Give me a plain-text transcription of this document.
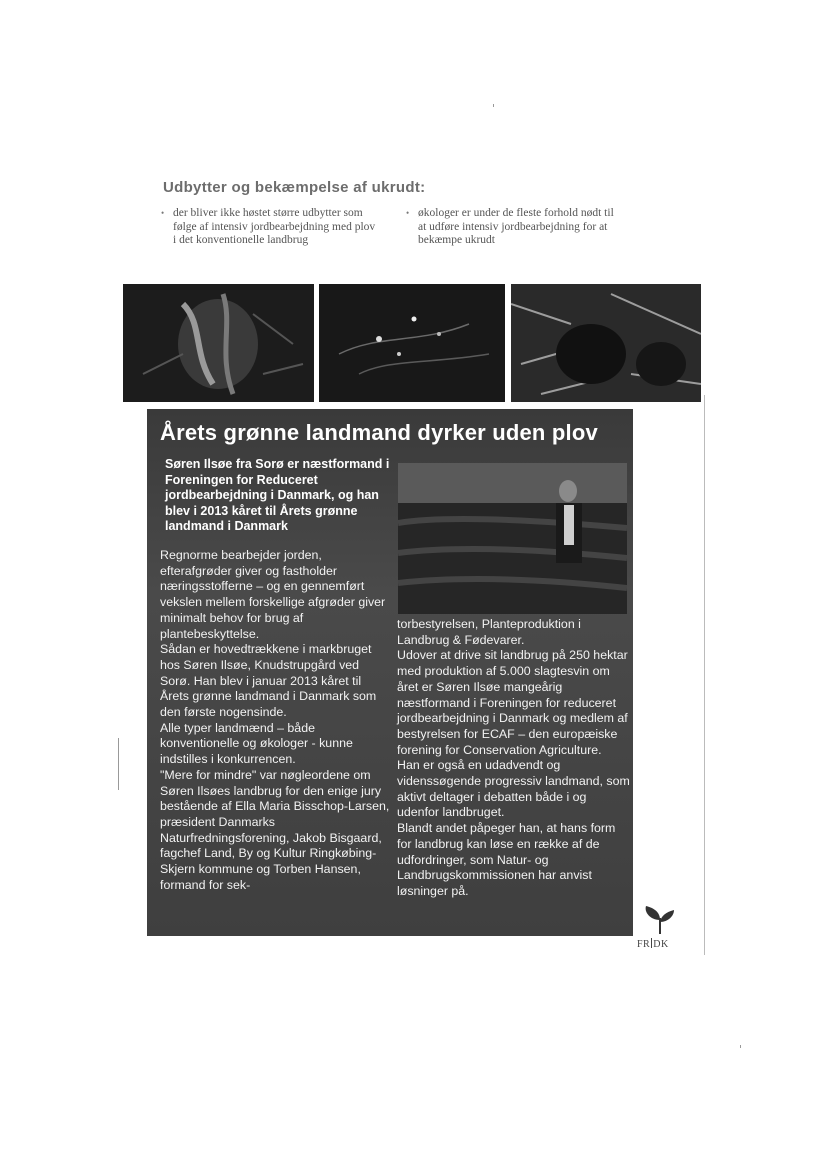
Udbytter og bekæmpelse af ukrudt:
• der bliver ikke høstet større udbytter som følge af intensiv jordbearbejdning med plov i det konventionelle landbrug
• økologer er under de fleste forhold nødt til at udføre intensiv jordbearbejdning for at bekæmpe ukrudt
Årets grønne landmand dyrker uden plov
Søren Ilsøe fra Sorø er næstformand i Foreningen for Reduceret jordbearbejdning i Danmark, og han blev i 2013 kåret til Årets grønne landmand i Danmark

Regnorme bearbejder jorden, efterafgrøder giver og fastholder næringsstofferne – og en gennemført vekslen mellem forskellige afgrøder giver minimalt behov for brug af plantebeskyttelse.

Sådan er hovedtrækkene i markbruget hos Søren Ilsøe, Knudstrupgård ved Sorø. Han blev i januar 2013 kåret til Årets grønne landmand i Danmark som den første nogensinde.

Alle typer landmænd – både konventionelle og økologer - kunne indstilles i konkurrencen.

"Mere for mindre" var nøgleordene om Søren Ilsøes landbrug for den enige jury bestående af Ella Maria Bisschop-Larsen, præsident Danmarks Naturfredningsforening, Jakob Bisgaard, fagchef Land, By og Kultur Ringkøbing-Skjern kommune og Torben Hansen, formand for sek-

torbestyrelsen, Planteproduktion i Landbrug & Fødevarer.

Udover at drive sit landbrug på 250 hektar med produktion af 5.000 slagtesvin om året er Søren Ilsøe mangeårig næstformand i Foreningen for reduceret jordbearbejdning i Danmark og medlem af bestyrelsen for ECAF – den europæiske forening for Conservation Agriculture.

Han er også en udadvendt og videnssøgende progressiv landmand, som aktivt deltager i debatten både i og udenfor landbruget.

Blandt andet påpeger han, at hans form for landbrug kan løse en række af de udfordringer, som Natur- og Landbrugskommissionen har anvist løsninger på.

FR DK
